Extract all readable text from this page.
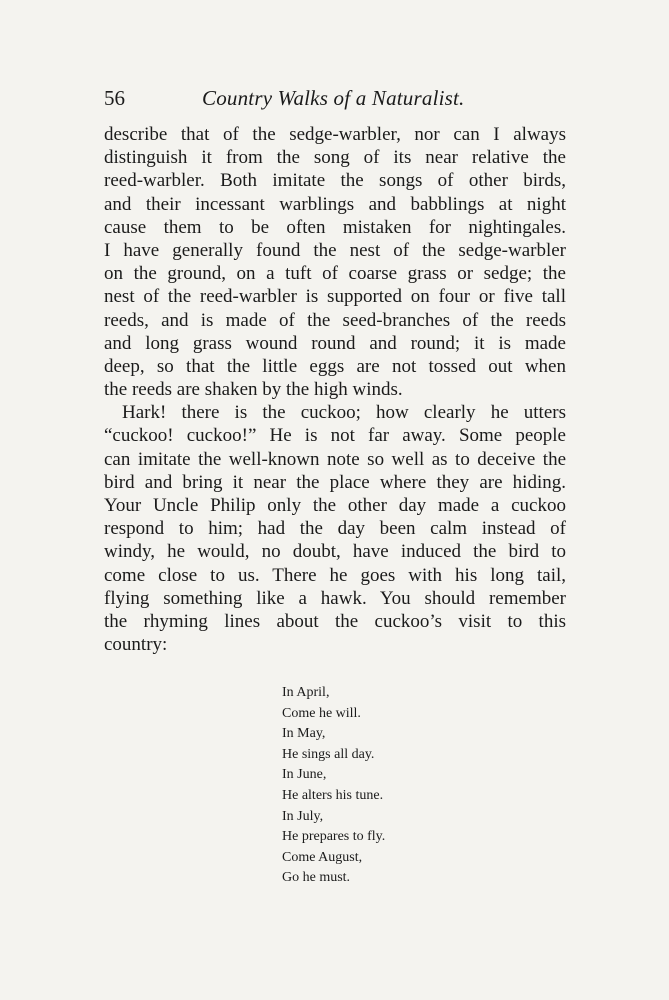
56	Country Walks of a Naturalist.
describe that of the sedge-warbler, nor can I always
distinguish it from the song of its near relative the
reed-warbler. Both imitate the songs of other birds,
and their incessant warblings and babblings at night
cause them to be often mistaken for nightingales.
I have generally found the nest of the sedge-warbler
on the ground, on a tuft of coarse grass or sedge; the
nest of the reed-warbler is supported on four or five tall
reeds, and is made of the seed-branches of the reeds
and long grass wound round and round; it is made
deep, so that the little eggs are not tossed out when
the reeds are shaken by the high winds.
Hark! there is the cuckoo; how clearly he utters
“cuckoo! cuckoo!” He is not far away. Some people
can imitate the well-known note so well as to deceive the
bird and bring it near the place where they are hiding.
Your Uncle Philip only the other day made a cuckoo
respond to him; had the day been calm instead of
windy, he would, no doubt, have induced the bird to
come close to us. There he goes with his long tail,
flying something like a hawk. You should remember
the rhyming lines about the cuckoo’s visit to this
country:
In April,
Come he will.
In May,
He sings all day.
In June,
He alters his tune.
In July,
He prepares to fly.
Come August,
Go he must.
